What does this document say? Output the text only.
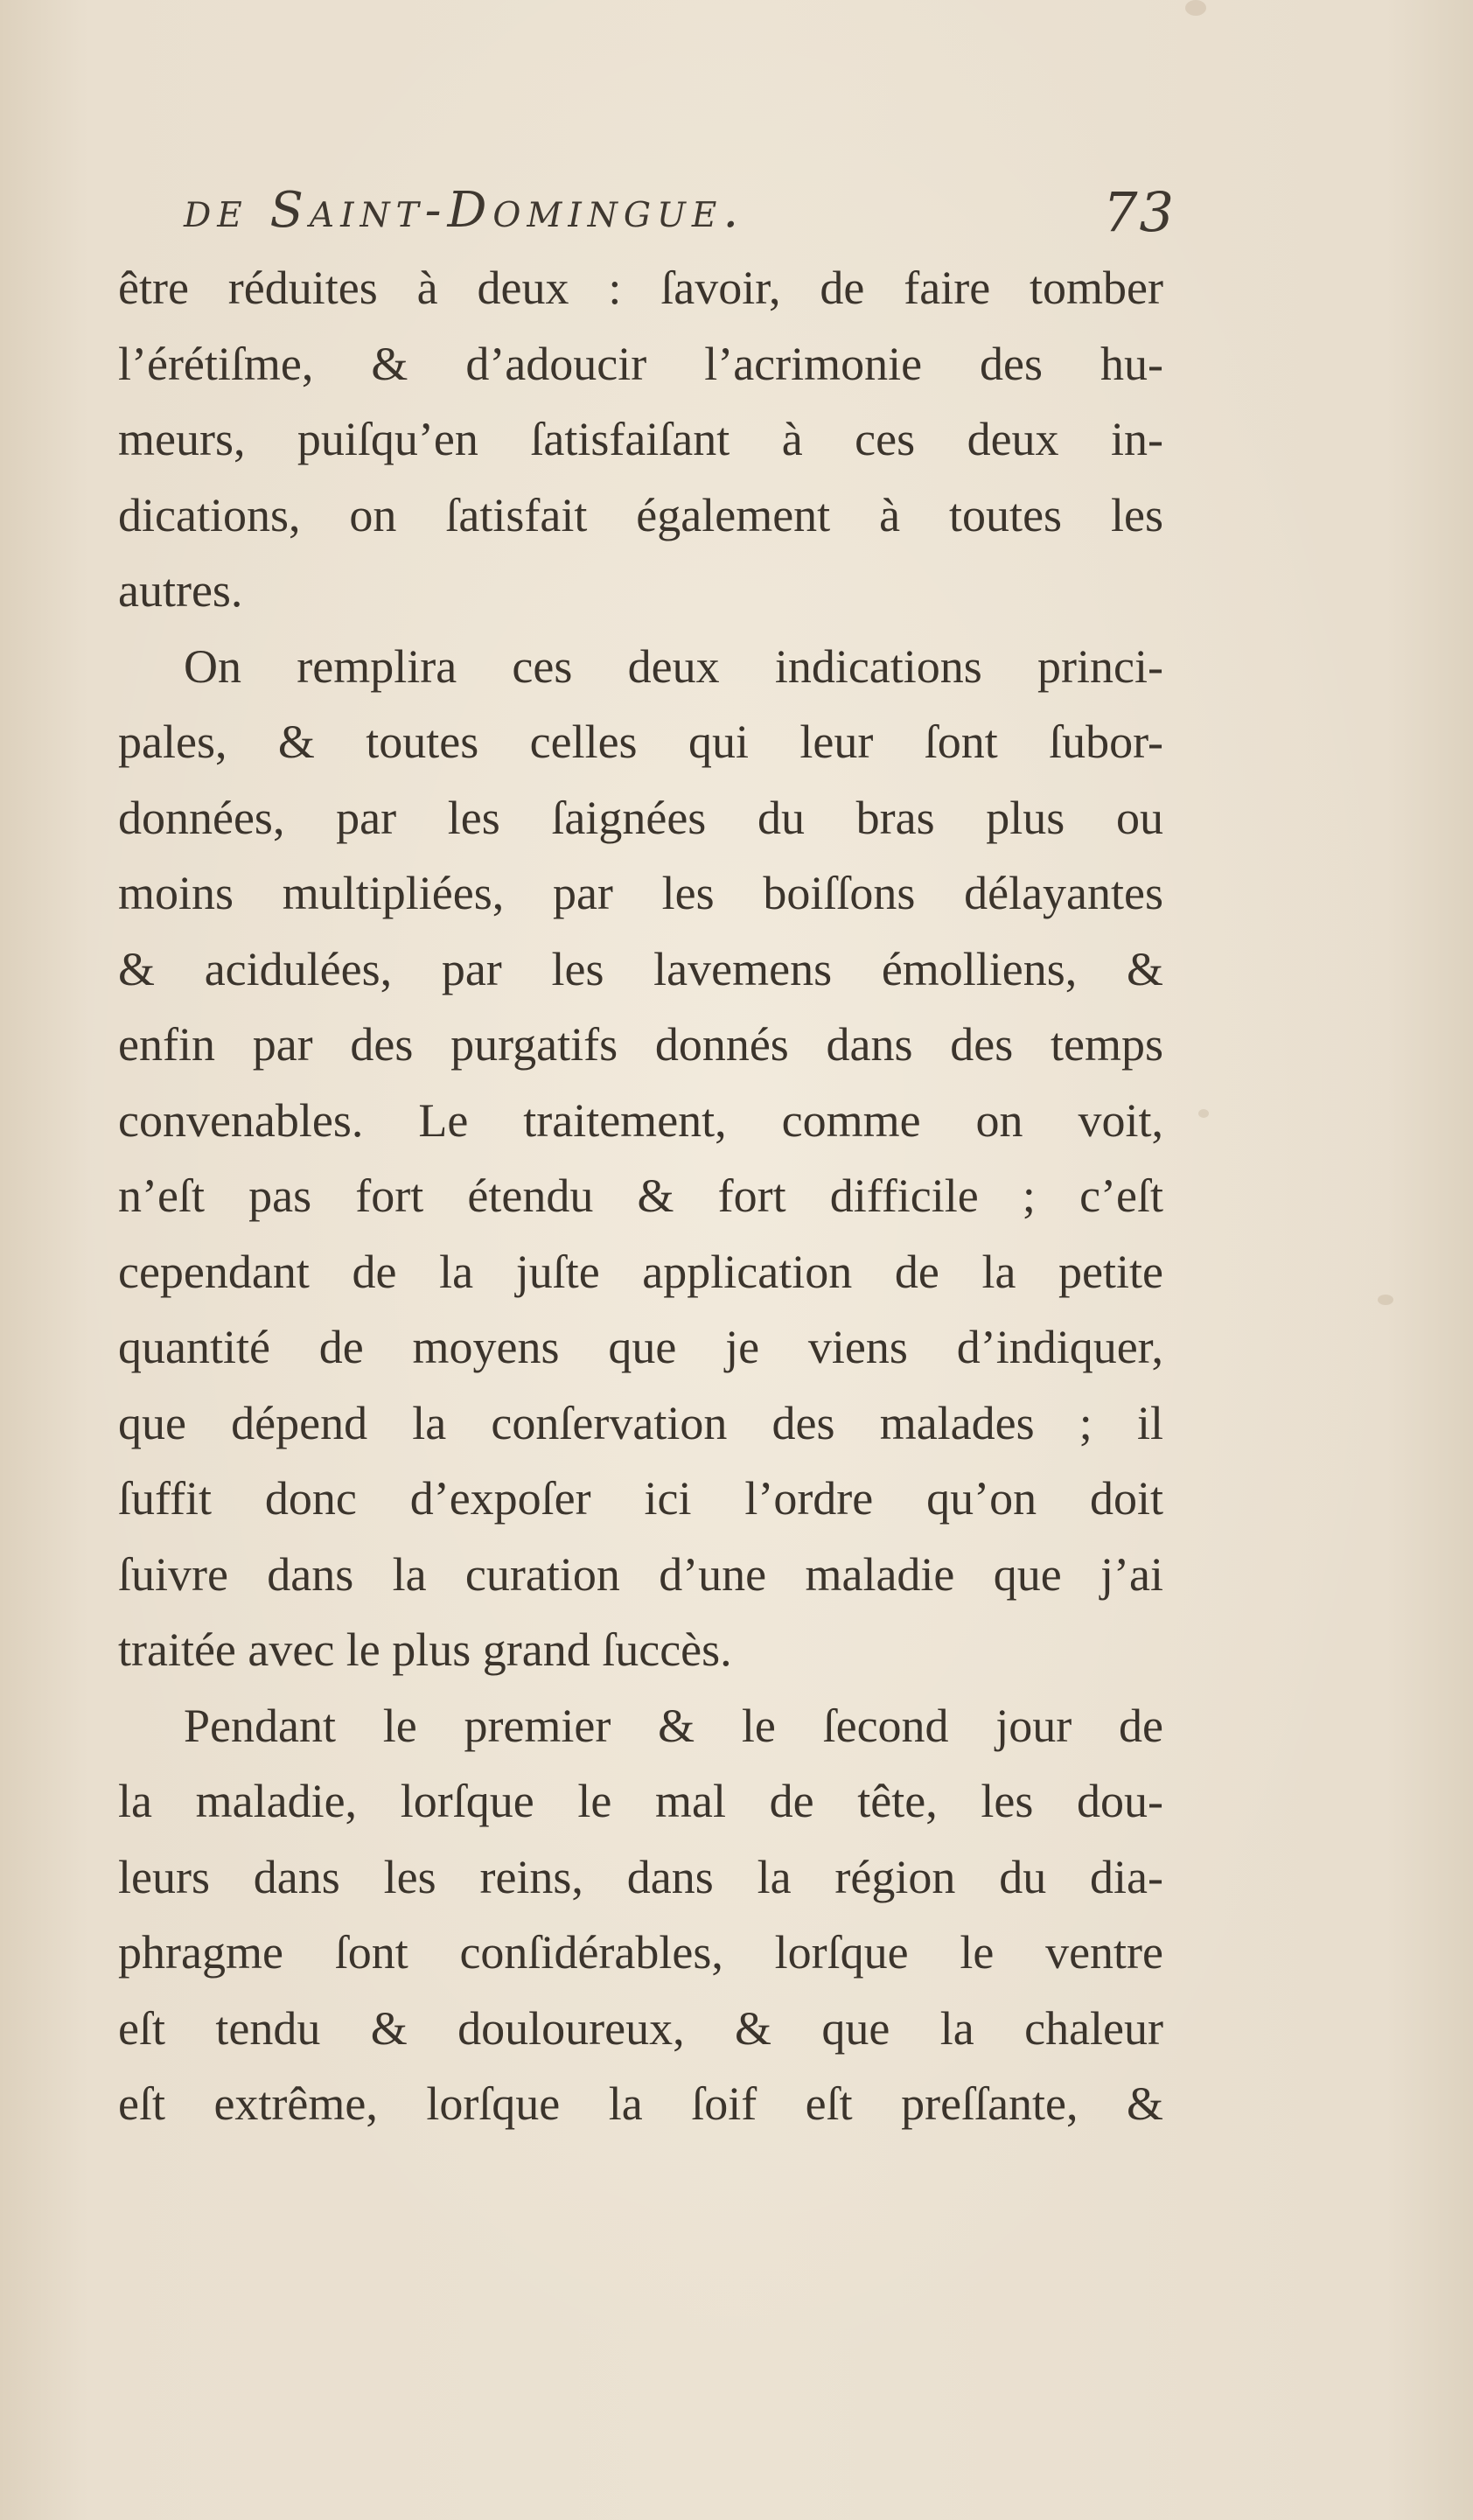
de Saint-Domingue.	73
être réduites à deux : ſavoir, de faire tomber
l’érétiſme, & d’adoucir l’acrimonie des hu-
meurs, puiſqu’en ſatisfaiſant à ces deux in-
dications, on ſatisfait également à toutes les
autres.
On remplira ces deux indications princi-
pales, & toutes celles qui leur ſont ſubor-
données, par les ſaignées du bras plus ou
moins multipliées, par les boiſſons délayantes
& acidulées, par les lavemens émolliens, &
enfin par des purgatifs donnés dans des temps
convenables. Le traitement, comme on voit,
n’eſt pas fort étendu & fort difficile ; c’eſt
cependant de la juſte application de la petite
quantité de moyens que je viens d’indiquer,
que dépend la conſervation des malades ; il
ſuffit donc d’expoſer ici l’ordre qu’on doit
ſuivre dans la curation d’une maladie que j’ai
traitée avec le plus grand ſuccès.
Pendant le premier & le ſecond jour de
la maladie, lorſque le mal de tête, les dou-
leurs dans les reins, dans la région du dia-
phragme ſont conſidérables, lorſque le ventre
eſt tendu & douloureux, & que la chaleur
eſt extrême, lorſque la ſoif eſt preſſante, &
